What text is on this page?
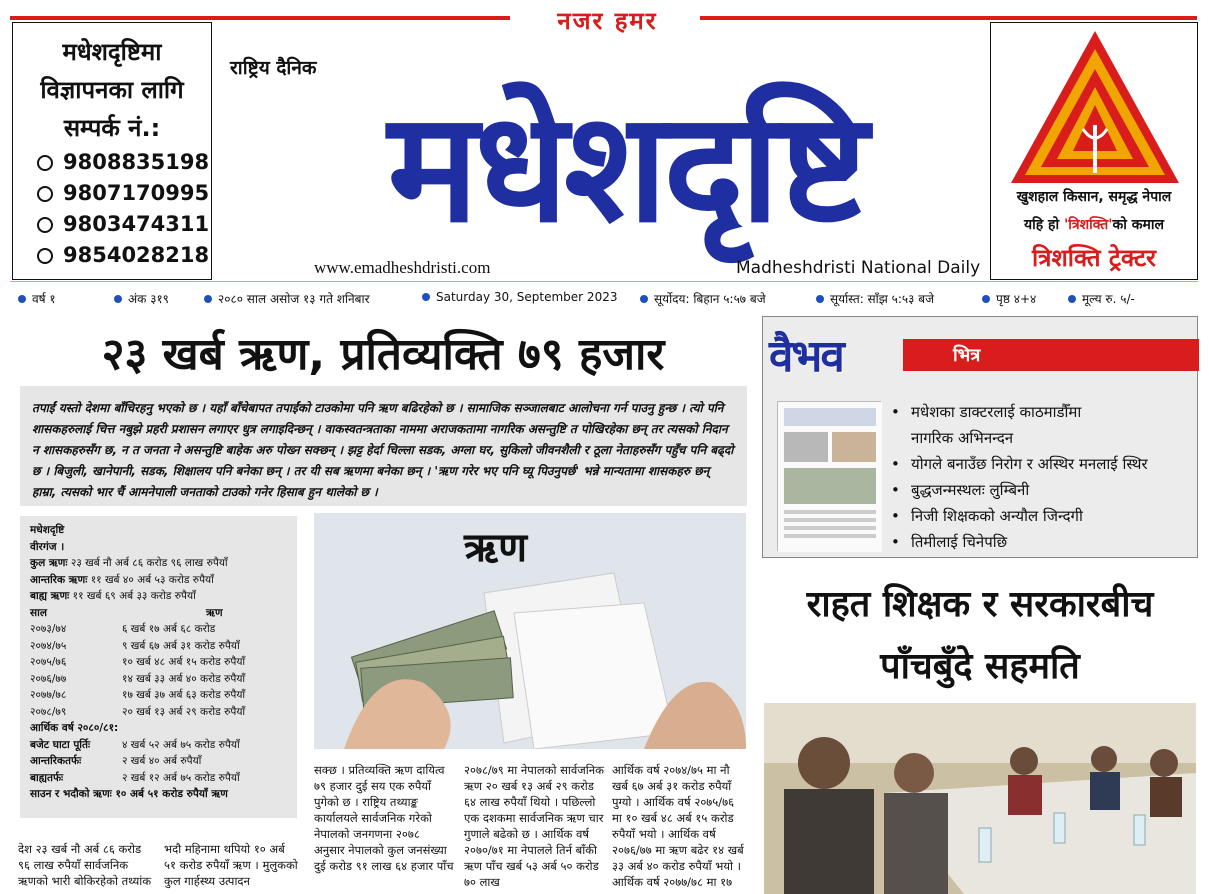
नजर हमर
मधेशदृष्टिमा
विज्ञापनका लागि
सम्पर्क नं.:
9808835198
9807170995
9803474311
9854028218	मधेशदृष्टि
राष्ट्रिय दैनिक
www.emadheshdristi.com	Madheshdristi National Daily
खुशहाल किसान, समृद्ध नेपाल
यहि हो 'त्रिशक्ति'को कमाल
त्रिशक्ति ट्रेक्टर
वर्ष १	अंक ३१९	२०८० साल असोज १३ गते शनिबार	Saturday 30, September 2023	सूर्योदय: बिहान ५:५७ बजे	सूर्यास्त: साँझ ५:५३ बजे	पृष्ठ ४+४	मूल्य रु. ५/-
२३ खर्ब ऋण, प्रतिव्यक्ति ७९ हजार
तपाईं यस्तो देशमा बाँचिरहनु भएको छ । यहाँ बाँचेबापत तपाईंको टाउकोमा पनि ऋण बढिरहेको छ । सामाजिक सञ्जालबाट आलोचना गर्न पाउनु हुन्छ । त्यो पनि शासकहरुलाई चित्त नबुझे प्रहरी प्रशासन लगाएर धुत्र लगाइदिन्छन् । वाकस्वतन्त्रताका नाममा अराजकतामा नागरिक असन्तुष्टि त पोखिरहेका छन् तर त्यसको निदान न शासकहरुसँग छ, न त जनता ने असन्तुष्टि बाहेक अरु पोख्न सक्छन् । झट्ट हेर्दा चिल्ला सडक, अग्ला घर, सुकिलो जीवनशैली र ठूला नेताहरुसँग पहुँच पनि बढ्दो छ । बिजुली, खानेपानी, सडक, शिक्षालय पनि बनेका छन् । तर यी सब ऋणमा बनेका छन् । 'ऋण गरेर भए पनि घ्यू पिउनुपर्छ' भन्ने मान्यतामा शासकहरु छन् हाम्रा, त्यसको भार चैं आमनेपाली जनताको टाउको गनेर हिसाब हुन थालेको छ ।
मधेशदृष्टि
वीरगंज ।
कुल ऋणः २३ खर्ब नौ अर्ब ८६ करोड ९६ लाख रुपैयाँ
आन्तरिक ऋणः ११ खर्ब ४० अर्ब ५३ करोड रुपैयाँ
बाह्य ऋणः ११ खर्ब ६९ अर्ब ३३ करोड रुपैयाँ
साल	ऋण
२०७३/७४	६ खर्ब १७ अर्ब ६८ करोड
२०७४/७५	९ खर्ब ६७ अर्ब ३१ करोड रुपैयाँ
२०७५/७६	१० खर्ब ४८ अर्ब १५ करोड रुपैयाँ
२०७६/७७	१४ खर्ब ३३ अर्ब ४० करोड रुपैयाँ
२०७७/७८	१७ खर्ब ३७ अर्ब ६३ करोड रुपैयाँ
२०७८/७९	२० खर्ब १३ अर्ब २९ करोड रुपैयाँ
आर्थिक वर्ष २०८०/८१:
बजेट घाटा पूर्तिः	४ खर्ब ५२ अर्ब ७५ करोड रुपैयाँ
आन्तरिकतर्फः	२ खर्ब ४० अर्ब रुपैयाँ
बाह्यतर्फः	२ खर्ब १२ अर्ब ७५ करोड रुपैयाँ
साउन र भदौको ऋणः १० अर्ब ५१ करोड रुपैयाँ ऋण
ऋण
सक्छ । प्रतिव्यक्ति ऋण दायित्व ७९ हजार दुई सय एक रुपैयाँ पुगेको छ । राष्ट्रिय तथ्याङ्क कार्यालयले सार्वजनिक गरेको नेपालको जनगणना २०७८ अनुसार नेपालको कुल जनसंख्या दुई करोड ९१ लाख ६४ हजार पाँच
२०७८/७९ मा नेपालको सार्वजनिक ऋण २० खर्ब १३ अर्ब २९ करोड ६४ लाख रुपैयाँ थियो । पछिल्लो एक दशकमा सार्वजनिक ऋण चार गुणाले बढेको छ । आर्थिक वर्ष २०७०/७१ मा नेपालले तिर्न बाँकी ऋण पाँच खर्ब ५३ अर्ब ५० करोड ७० लाख
आर्थिक वर्ष २०७४/७५ मा नौ खर्ब ६७ अर्ब ३१ करोड रुपैयाँ पुग्यो । आर्थिक वर्ष २०७५/७६ मा १० खर्ब ४८ अर्ब १५ करोड रुपैयाँ भयो । आर्थिक वर्ष २०७६/७७ मा ऋण बढेर १४ खर्ब ३३ अर्ब ४० करोड रुपैयाँ भयो । आर्थिक वर्ष २०७७/७८ मा १७
देश २३ खर्ब नौ अर्ब ८६ करोड ९६ लाख रुपैयाँ सार्वजनिक ऋणको भारी बोकिरहेको तथ्यांक
भदौ महिनामा थपियो १० अर्ब ५१ करोड रुपैयाँ ऋण । मुलुकको कुल गार्हस्थ्य उत्पादन
वैभव	भित्र
• मधेशका डाक्टरलाई काठमाडौँमा
नागरिक अभिनन्दन
• योगले बनाउँछ निरोग र अस्थिर मनलाई स्थिर
• बुद्धजन्मस्थलः लुम्बिनी
• निजी शिक्षकको अन्यौल जिन्दगी
• तिमीलाई चिनेपछि
राहत शिक्षक र सरकारबीच
पाँचबुँदे सहमति
